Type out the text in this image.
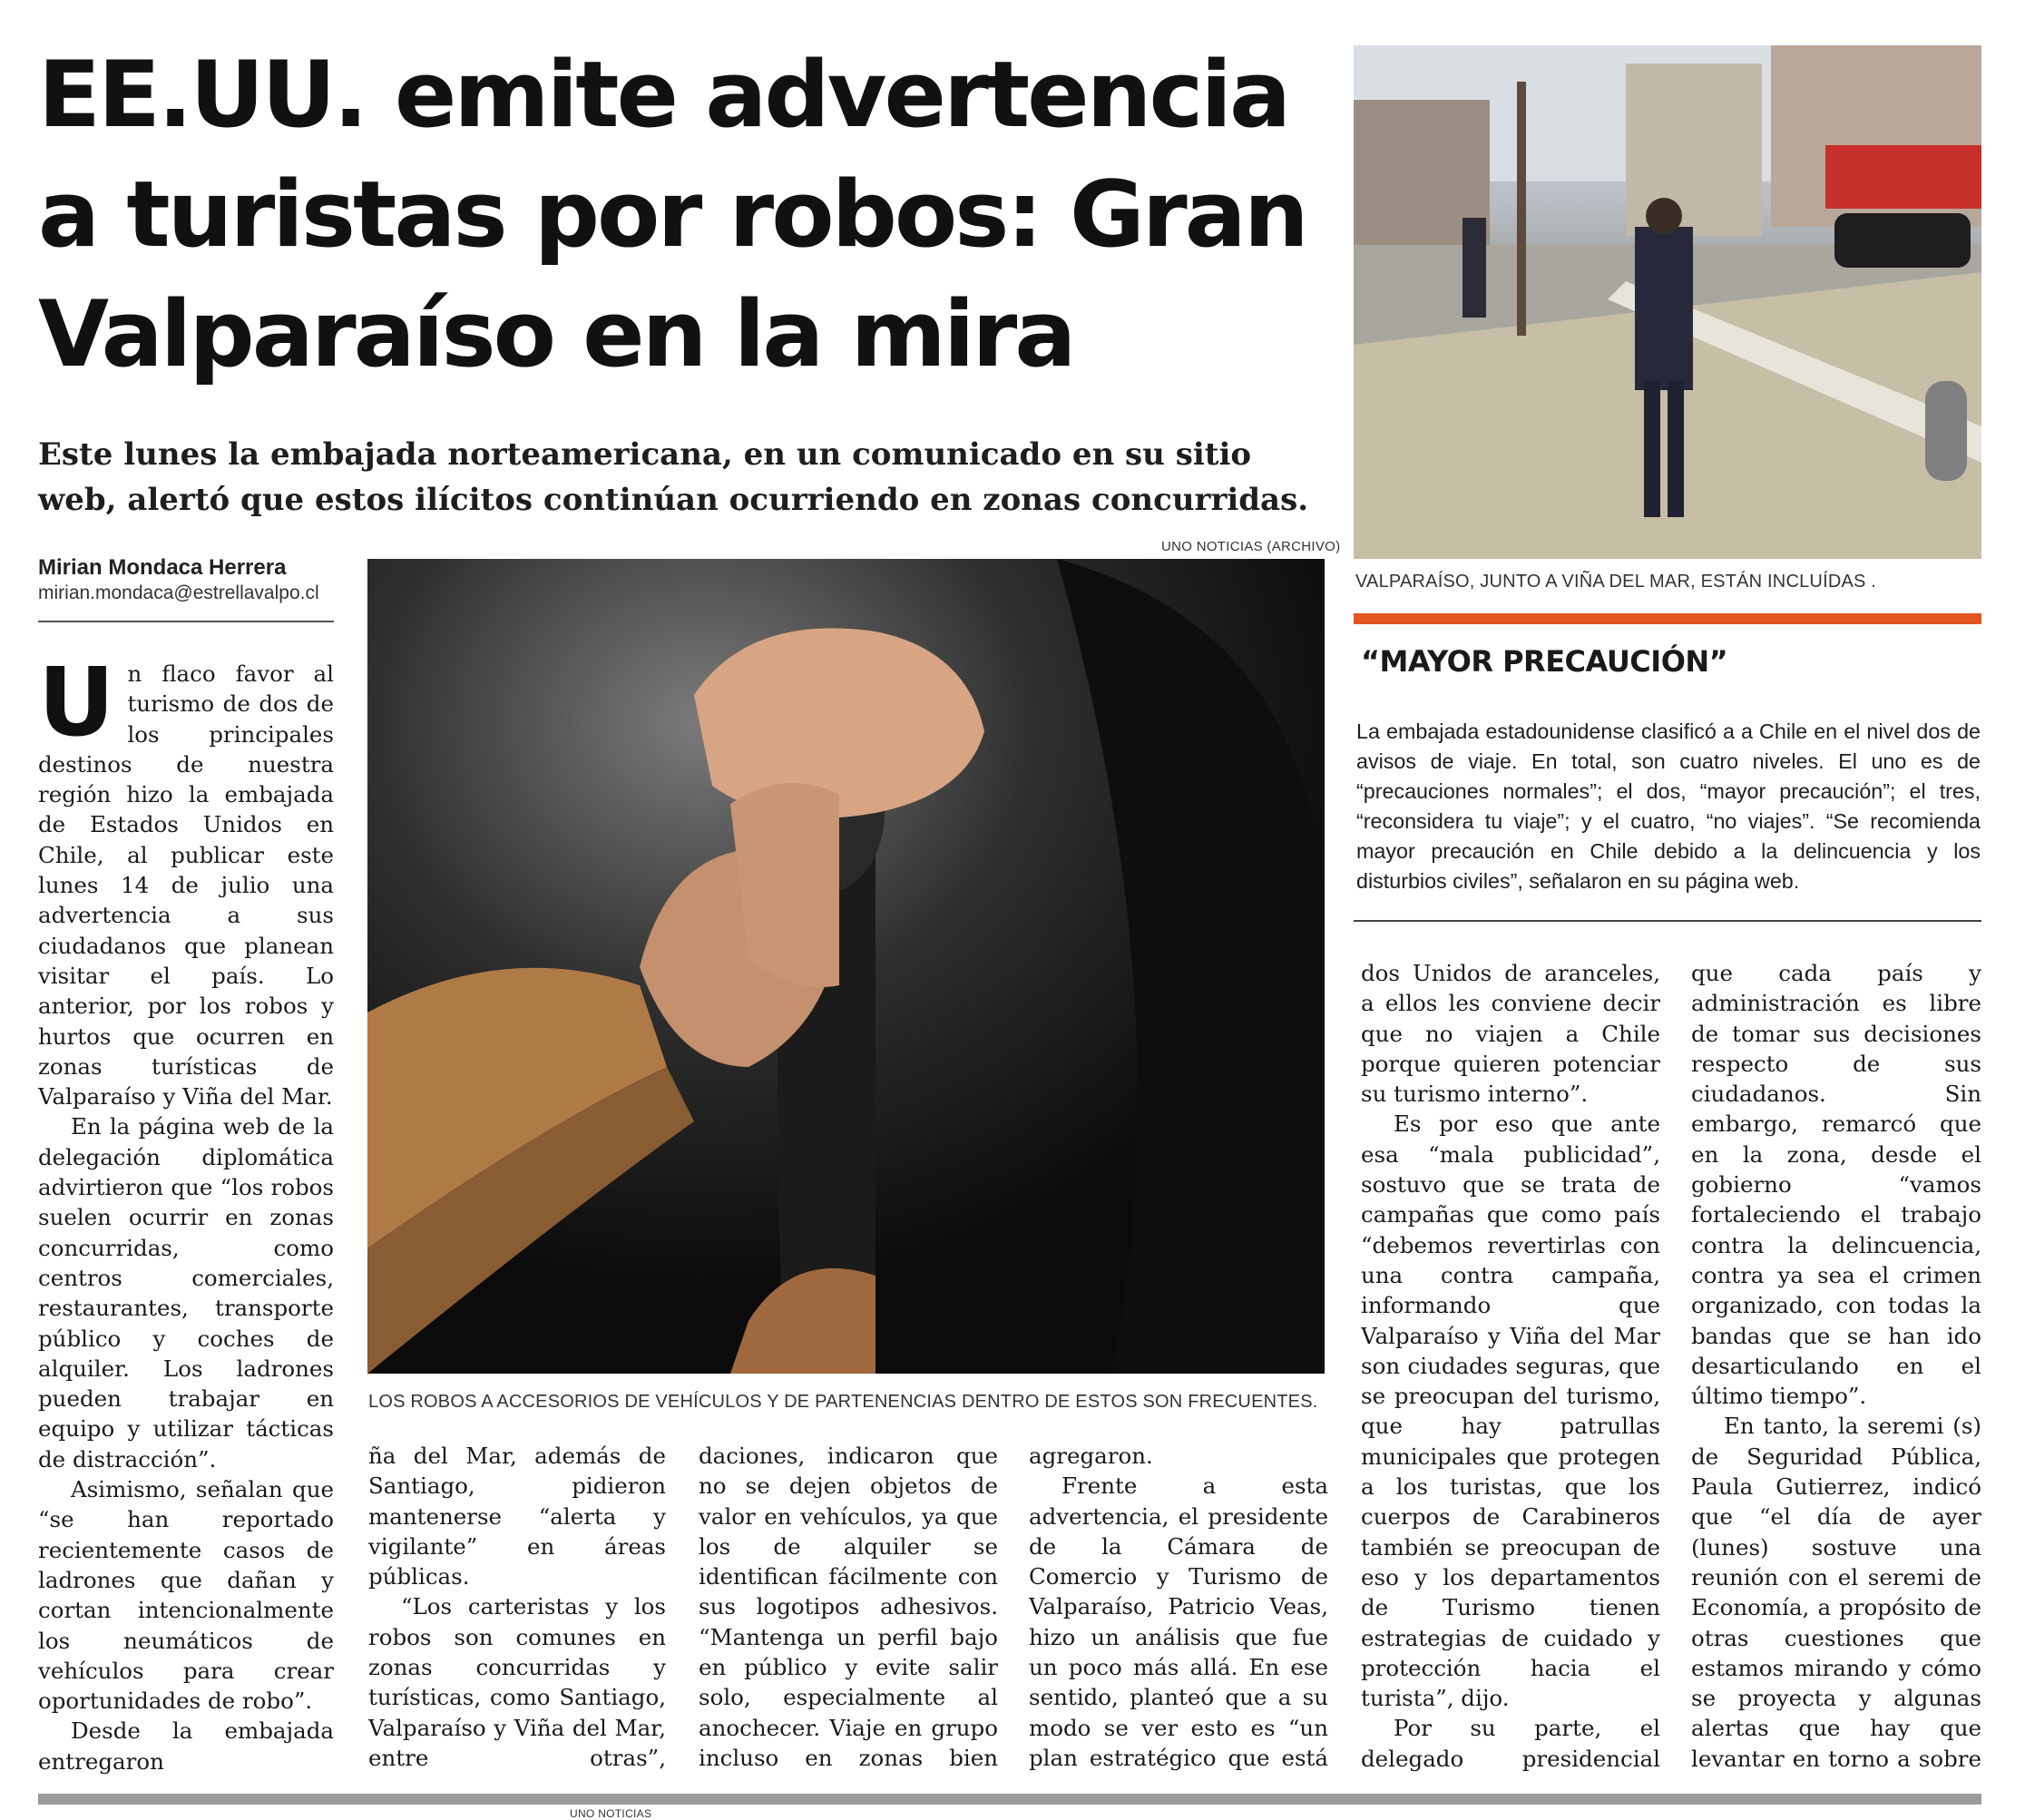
EE.UU. emite advertencia a turistas por robos: Gran Valparaíso en la mira

Este lunes la embajada norteamericana, en un comunicado en su sitio web, alertó que estos ilícitos continúan ocurriendo en zonas concurridas.

Mirian Mondaca Herrera
mirian.mondaca@estrellavalpo.cl
UNO NOTICIAS (ARCHIVO)
LOS ROBOS A ACCESORIOS DE VEHÍCULOS Y DE PARTENENCIAS DENTRO DE ESTOS SON FRECUENTES.
VALPARAÍSO, JUNTO A VIÑA DEL MAR, ESTÁN INCLUÍDAS .
“MAYOR PRECAUCIÓN”

La embajada estadounidense clasificó a a Chile en el nivel dos de avisos de viaje. En total, son cuatro niveles. El uno es de “precauciones normales”; el dos, “mayor precaución”; el tres, “reconsidera tu viaje”; y el cuatro, “no viajes”. “Se recomienda mayor precaución en Chile debido a la delincuencia y los disturbios civiles”, señalaron en su página web.

Un flaco favor al turismo de dos de los principales destinos de nuestra región hizo la embajada de Estados Unidos en Chile, al publicar este lunes 14 de julio una advertencia a sus ciudadanos que planean visitar el país. Lo anterior, por los robos y hurtos que ocurren en zonas turísticas de Valparaíso y Viña del Mar.

En la página web de la delegación diplomática advirtieron que “los robos suelen ocurrir en zonas concurridas, como centros comerciales, restaurantes, transporte público y coches de alquiler. Los ladrones pueden trabajar en equipo y utilizar tácticas de distracción”.

Asimismo, señalan que “se han reportado recientemente casos de ladrones que dañan y cortan intencionalmente los neumáticos de vehículos para crear oportunidades de robo”.

Desde la embajada entregaron

ña del Mar, además de Santiago, pidieron mantenerse “alerta y vigilante” en áreas públicas.

“Los carteristas y los robos son comunes en zonas concurridas y turísticas, como Santiago, Valparaíso y Viña del Mar, entre otras”,

daciones, indicaron que no se dejen objetos de valor en vehículos, ya que los de alquiler se identifican fácilmente con sus logotipos adhesivos. “Mantenga un perfil bajo en público y evite salir solo, especialmente al anochecer. Viaje en grupo incluso en zonas bien

agregaron.

Frente a esta advertencia, el presidente de la Cámara de Comercio y Turismo de Valparaíso, Patricio Veas, hizo un análisis que fue un poco más allá. En ese sentido, planteó que a su modo se ver esto es “un plan estratégico que está

dos Unidos de aranceles, a ellos les conviene decir que no viajen a Chile porque quieren potenciar su turismo interno”.

Es por eso que ante esa “mala publicidad”, sostuvo que se trata de campañas que como país “debemos revertirlas con una contra campaña, informando que Valparaíso y Viña del Mar son ciudades seguras, que se preocupan del turismo, que hay patrullas municipales que protegen a los turistas, que los cuerpos de Carabineros también se preocupan de eso y los departamentos de Turismo tienen estrategias de cuidado y protección hacia el turista”, dijo.

Por su parte, el delegado presidencial

que cada país y administración es libre de tomar sus decisiones respecto de sus ciudadanos. Sin embargo, remarcó que en la zona, desde el gobierno “vamos fortaleciendo el trabajo contra la delincuencia, contra ya sea el crimen organizado, con todas la bandas que se han ido desarticulando en el último tiempo”.

En tanto, la seremi (s) de Seguridad Pública, Paula Gutierrez, indicó que “el día de ayer (lunes) sostuve una reunión con el seremi de Economía, a propósito de otras cuestiones que estamos mirando y cómo se proyecta y algunas alertas que hay que levantar en torno a sobre

UNO NOTICIAS
